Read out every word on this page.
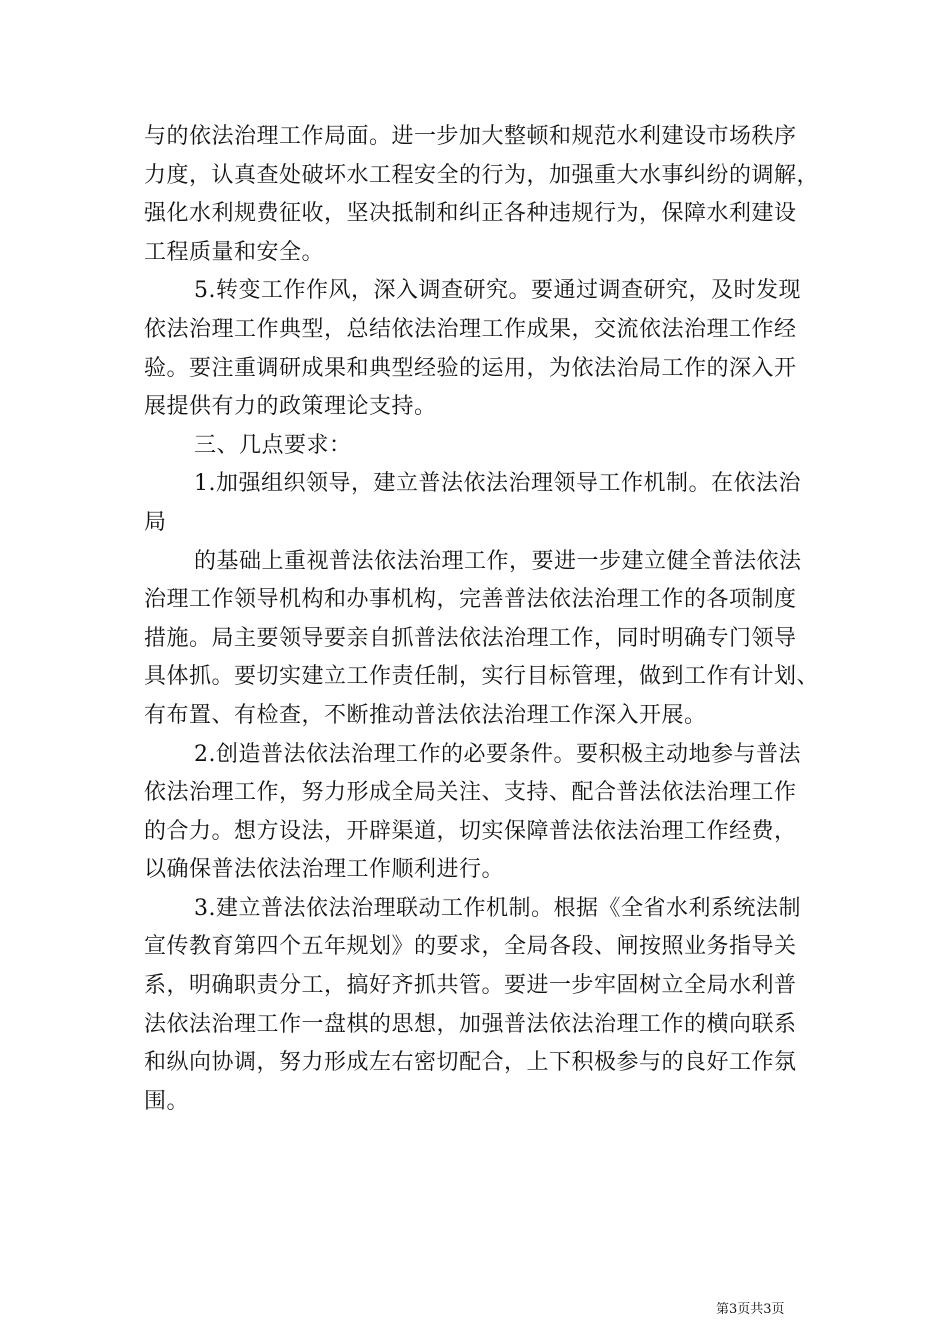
与的依法治理工作局面。进一步加大整顿和规范水利建设市场秩序

力度，认真查处破坏水工程安全的行为，加强重大水事纠纷的调解，

强化水利规费征收，坚决抵制和纠正各种违规行为，保障水利建设

工程质量和安全。

5.转变工作作风，深入调查研究。要通过调查研究，及时发现

依法治理工作典型，总结依法治理工作成果，交流依法治理工作经

验。要注重调研成果和典型经验的运用，为依法治局工作的深入开

展提供有力的政策理论支持。

三、几点要求：

1.加强组织领导，建立普法依法治理领导工作机制。在依法治

局

的基础上重视普法依法治理工作，要进一步建立健全普法依法

治理工作领导机构和办事机构，完善普法依法治理工作的各项制度

措施。局主要领导要亲自抓普法依法治理工作，同时明确专门领导

具体抓。要切实建立工作责任制，实行目标管理，做到工作有计划、

有布置、有检查，不断推动普法依法治理工作深入开展。

2.创造普法依法治理工作的必要条件。要积极主动地参与普法

依法治理工作，努力形成全局关注、支持、配合普法依法治理工作

的合力。想方设法，开辟渠道，切实保障普法依法治理工作经费，

以确保普法依法治理工作顺利进行。

3.建立普法依法治理联动工作机制。根据《全省水利系统法制

宣传教育第四个五年规划》的要求，全局各段、闸按照业务指导关

系，明确职责分工，搞好齐抓共管。要进一步牢固树立全局水利普

法依法治理工作一盘棋的思想，加强普法依法治理工作的横向联系

和纵向协调，努力形成左右密切配合，上下积极参与的良好工作氛

围。

第3页共3页
